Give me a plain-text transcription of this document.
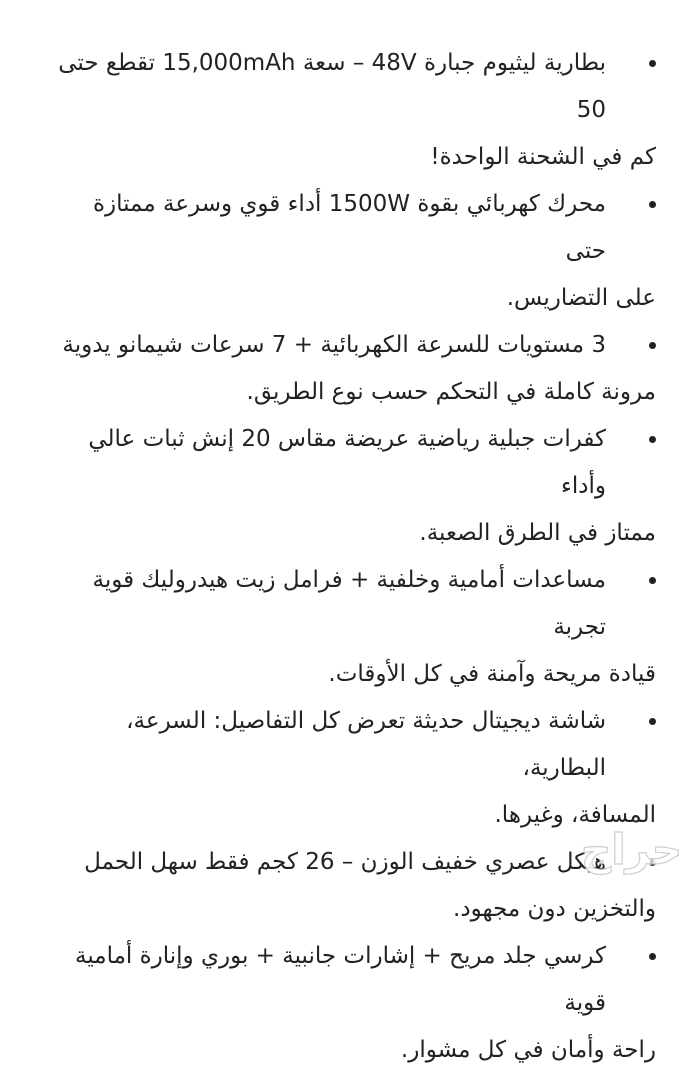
بطارية ليثيوم جبارة 48V – سعة 15,000mAh تقطع حتى 50
كم في الشحنة الواحدة!
محرك كهربائي بقوة 1500W أداء قوي وسرعة ممتازة حتى
على التضاريس.
3 مستويات للسرعة الكهربائية + 7 سرعات شيمانو يدوية
مرونة كاملة في التحكم حسب نوع الطريق.
كفرات جبلية رياضية عريضة مقاس 20 إنش ثبات عالي وأداء
ممتاز في الطرق الصعبة.
مساعدات أمامية وخلفية + فرامل زيت هيدروليك قوية تجربة
قيادة مريحة وآمنة في كل الأوقات.
شاشة ديجيتال حديثة تعرض كل التفاصيل: السرعة، البطارية،
المسافة، وغيرها.
هيكل عصري خفيف الوزن – 26 كجم فقط سهل الحمل
والتخزين دون مجهود.
كرسي جلد مريح + إشارات جانبية + بوري وإنارة أمامية قوية
راحة وأمان في كل مشوار.
حراج
